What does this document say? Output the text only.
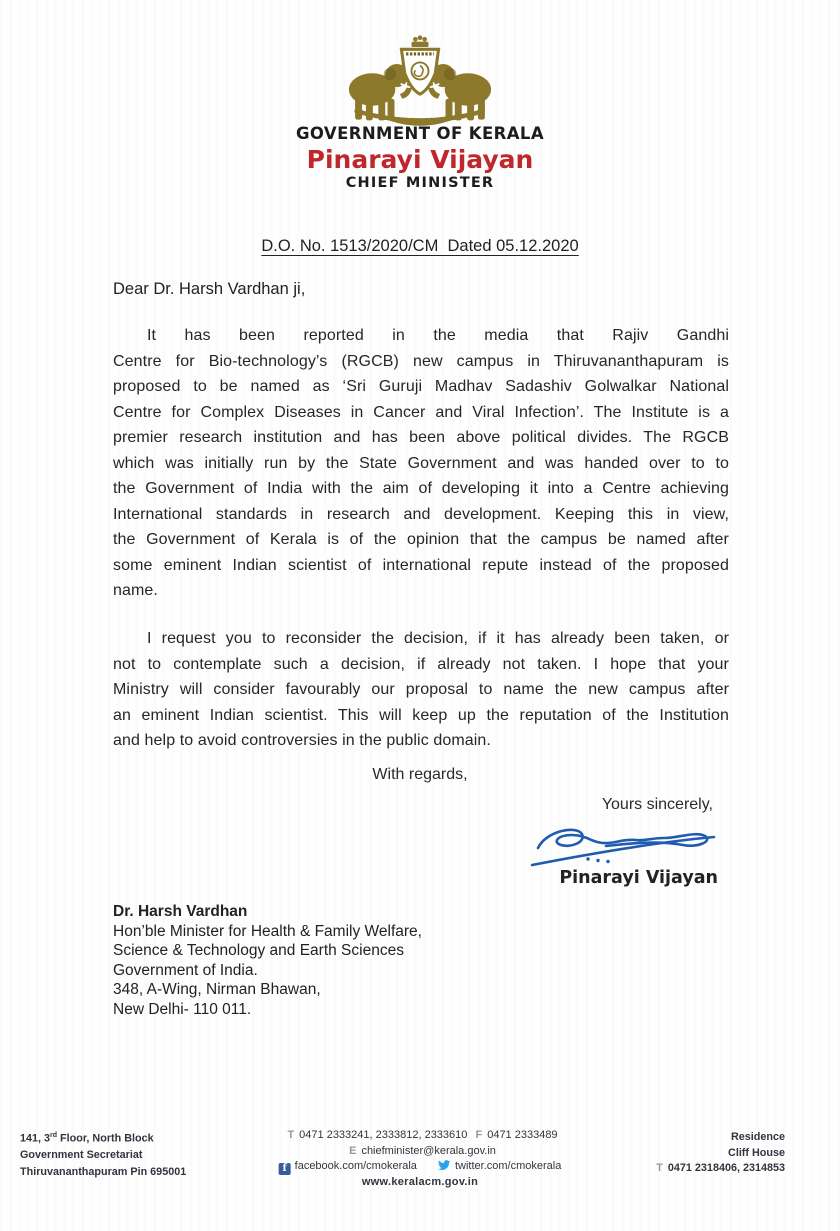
GOVERNMENT OF KERALA
Pinarayi Vijayan
CHIEF MINISTER
D.O. No. 1513/2020/CM  Dated 05.12.2020
Dear Dr. Harsh Vardhan ji,
It has been reported in the media that Rajiv Gandhi
Centre for Bio-technology’s (RGCB) new campus in Thiruvananthapuram is
proposed to be named as ‘Sri Guruji Madhav Sadashiv Golwalkar National
Centre for Complex Diseases in Cancer and Viral Infection’. The Institute is a
premier research institution and has been above political divides. The RGCB
which was initially run by the State Government and was handed over to to
the Government of India with the aim of developing it into a Centre achieving
International standards in research and development. Keeping this in view,
the Government of Kerala is of the opinion that the campus be named after
some eminent Indian scientist of international repute instead of the proposed
name.
I request you to reconsider the decision, if it has already been taken, or
not to contemplate such a decision, if already not taken. I hope that your
Ministry will consider favourably our proposal to name the new campus after
an eminent Indian scientist. This will keep up the reputation of the Institution
and help to avoid controversies in the public domain.
With regards,
Yours sincerely,
Pinarayi Vijayan
Dr. Harsh Vardhan
Hon’ble Minister for Health & Family Welfare,
Science & Technology and Earth Sciences
Government of India.
348, A-Wing, Nirman Bhawan,
New Delhi- 110 011.
141, 3rd Floor, North Block
Government Secretariat
Thiruvananthapuram Pin 695001
T 0471 2333241, 2333812, 2333610 F 0471 2333489
E chiefminister@kerala.gov.in
f facebook.com/cmokerala	twitter.com/cmokerala
www.keralacm.gov.in
Residence
Cliff House
T 0471 2318406, 2314853
